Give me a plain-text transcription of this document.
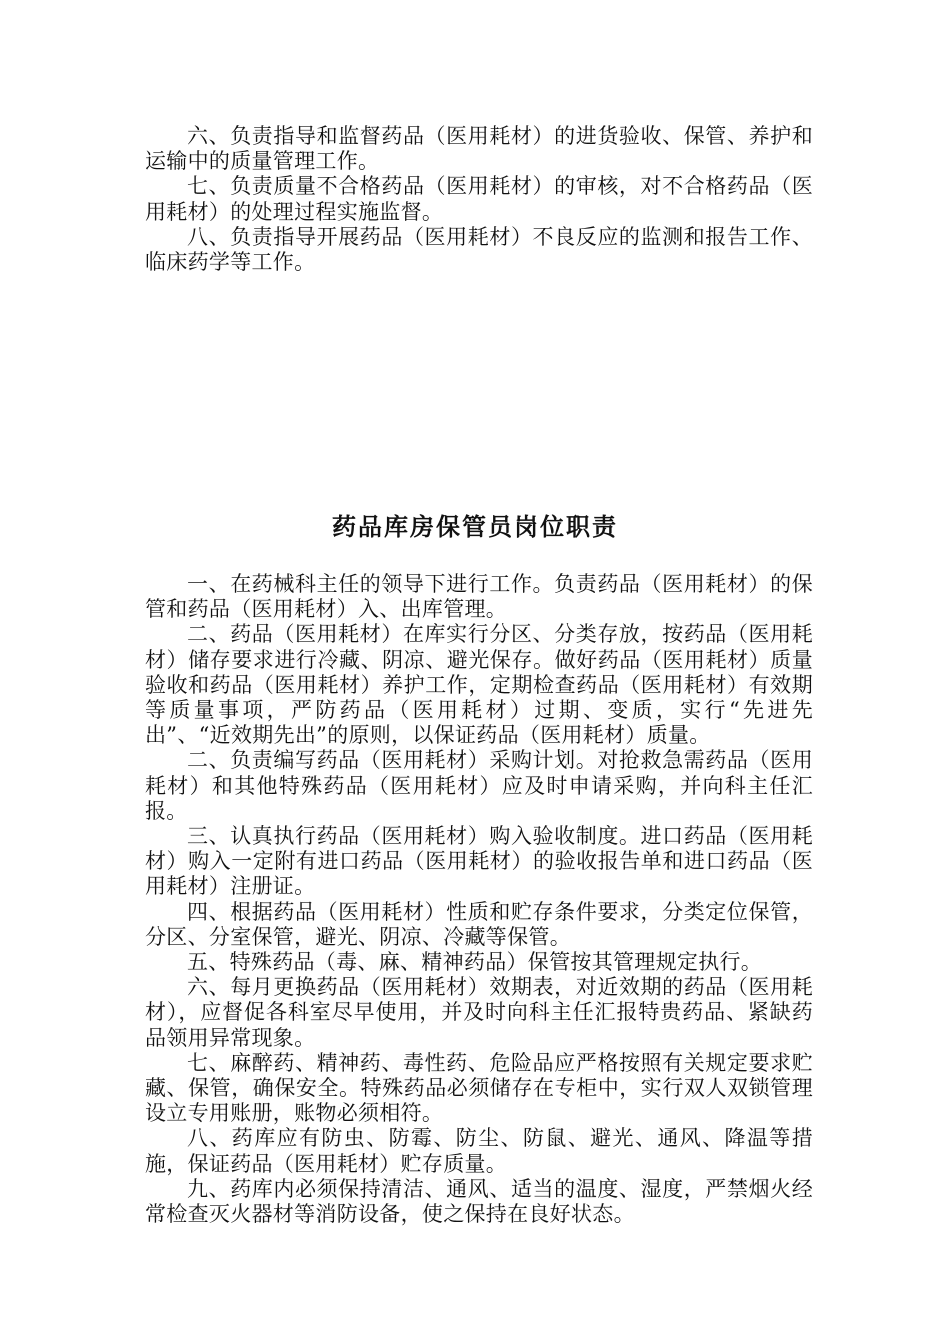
六、负责指导和监督药品（医用耗材）的进货验收、保管、养护和运输中的质量管理工作。

七、负责质量不合格药品（医用耗材）的审核，对不合格药品（医用耗材）的处理过程实施监督。

八、负责指导开展药品（医用耗材）不良反应的监测和报告工作、临床药学等工作。

药品库房保管员岗位职责

一、在药械科主任的领导下进行工作。负责药品（医用耗材）的保管和药品（医用耗材）入、出库管理。

二、药品（医用耗材）在库实行分区、分类存放，按药品（医用耗材）储存要求进行冷藏、阴凉、避光保存。做好药品（医用耗材）质量验收和药品（医用耗材）养护工作，定期检查药品（医用耗材）有效期等质量事项，严防药品（医用耗材）过期、变质，实行“先进先出”、“近效期先出”的原则，以保证药品（医用耗材）质量。

二、负责编写药品（医用耗材）采购计划。对抢救急需药品（医用耗材）和其他特殊药品（医用耗材）应及时申请采购，并向科主任汇报。

三、认真执行药品（医用耗材）购入验收制度。进口药品（医用耗材）购入一定附有进口药品（医用耗材）的验收报告单和进口药品（医用耗材）注册证。

四、根据药品（医用耗材）性质和贮存条件要求，分类定位保管，分区、分室保管，避光、阴凉、冷藏等保管。

五、特殊药品（毒、麻、精神药品）保管按其管理规定执行。

六、每月更换药品（医用耗材）效期表，对近效期的药品（医用耗材），应督促各科室尽早使用，并及时向科主任汇报特贵药品、紧缺药品领用异常现象。

七、麻醉药、精神药、毒性药、危险品应严格按照有关规定要求贮藏、保管，确保安全。特殊药品必须储存在专柜中，实行双人双锁管理设立专用账册，账物必须相符。

八、药库应有防虫、防霉、防尘、防鼠、避光、通风、降温等措施，保证药品（医用耗材）贮存质量。

九、药库内必须保持清洁、通风、适当的温度、湿度，严禁烟火经常检查灭火器材等消防设备，使之保持在良好状态。
